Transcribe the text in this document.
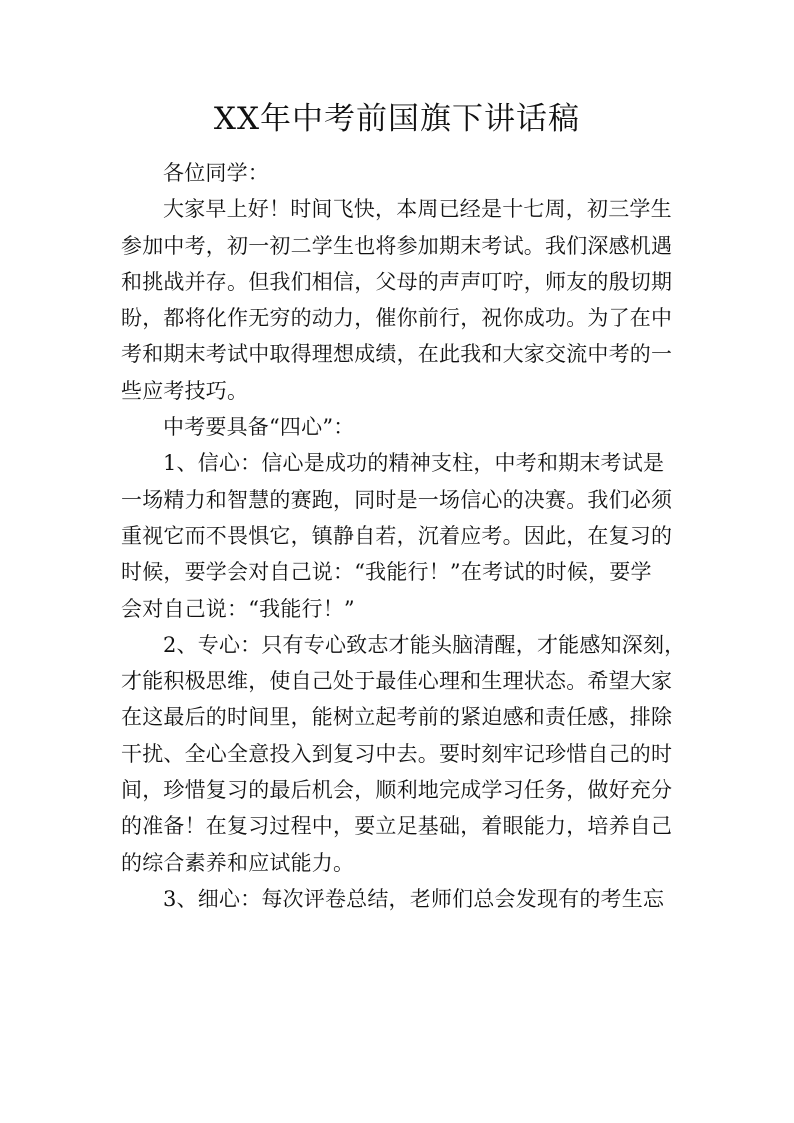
XX年中考前国旗下讲话稿

各位同学：

大家早上好！时间飞快，本周已经是十七周，初三学生

参加中考，初一初二学生也将参加期末考试。我们深感机遇

和挑战并存。但我们相信，父母的声声叮咛，师友的殷切期

盼，都将化作无穷的动力，催你前行，祝你成功。为了在中

考和期末考试中取得理想成绩，在此我和大家交流中考的一

些应考技巧。

中考要具备“四心”：

1、信心：信心是成功的精神支柱，中考和期末考试是

一场精力和智慧的赛跑，同时是一场信心的决赛。我们必须

重视它而不畏惧它，镇静自若，沉着应考。因此，在复习的

时候，要学会对自己说：“我能行！”在考试的时候，要学

会对自己说：“我能行！”

2、专心：只有专心致志才能头脑清醒，才能感知深刻，

才能积极思维，使自己处于最佳心理和生理状态。希望大家

在这最后的时间里，能树立起考前的紧迫感和责任感，排除

干扰、全心全意投入到复习中去。要时刻牢记珍惜自己的时

间，珍惜复习的最后机会，顺利地完成学习任务，做好充分

的准备！在复习过程中，要立足基础，着眼能力，培养自己

的综合素养和应试能力。

3、细心：每次评卷总结，老师们总会发现有的考生忘
